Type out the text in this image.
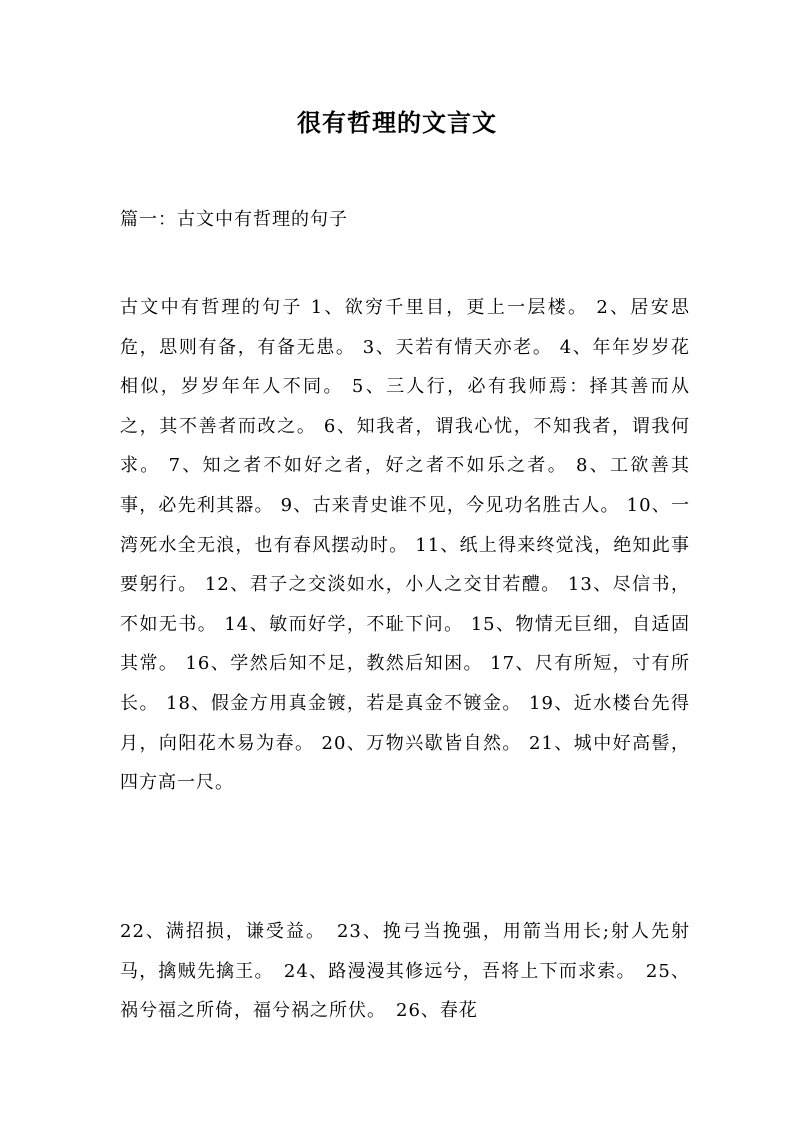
很有哲理的文言文
篇一：古文中有哲理的句子

古文中有哲理的句子 1、欲穷千里目，更上一层楼。 2、居安思危，思则有备，有备无患。 3、天若有情天亦老。 4、年年岁岁花相似，岁岁年年人不同。 5、三人行，必有我师焉：择其善而从之，其不善者而改之。 6、知我者，谓我心忧，不知我者，谓我何求。 7、知之者不如好之者，好之者不如乐之者。 8、工欲善其事，必先利其器。 9、古来青史谁不见，今见功名胜古人。 10、一湾死水全无浪，也有春风摆动时。 11、纸上得来终觉浅，绝知此事要躬行。 12、君子之交淡如水，小人之交甘若醴。 13、尽信书，不如无书。 14、敏而好学，不耻下问。 15、物情无巨细，自适固其常。 16、学然后知不足，教然后知困。 17、尺有所短，寸有所长。 18、假金方用真金镀，若是真金不镀金。 19、近水楼台先得月，向阳花木易为春。 20、万物兴歇皆自然。 21、城中好高髻，四方高一尺。

22、满招损，谦受益。　23、挽弓当挽强，用箭当用长;射人先射马，擒贼先擒王。　24、路漫漫其修远兮，吾将上下而求索。　25、祸兮福之所倚，福兮祸之所伏。　26、春花
